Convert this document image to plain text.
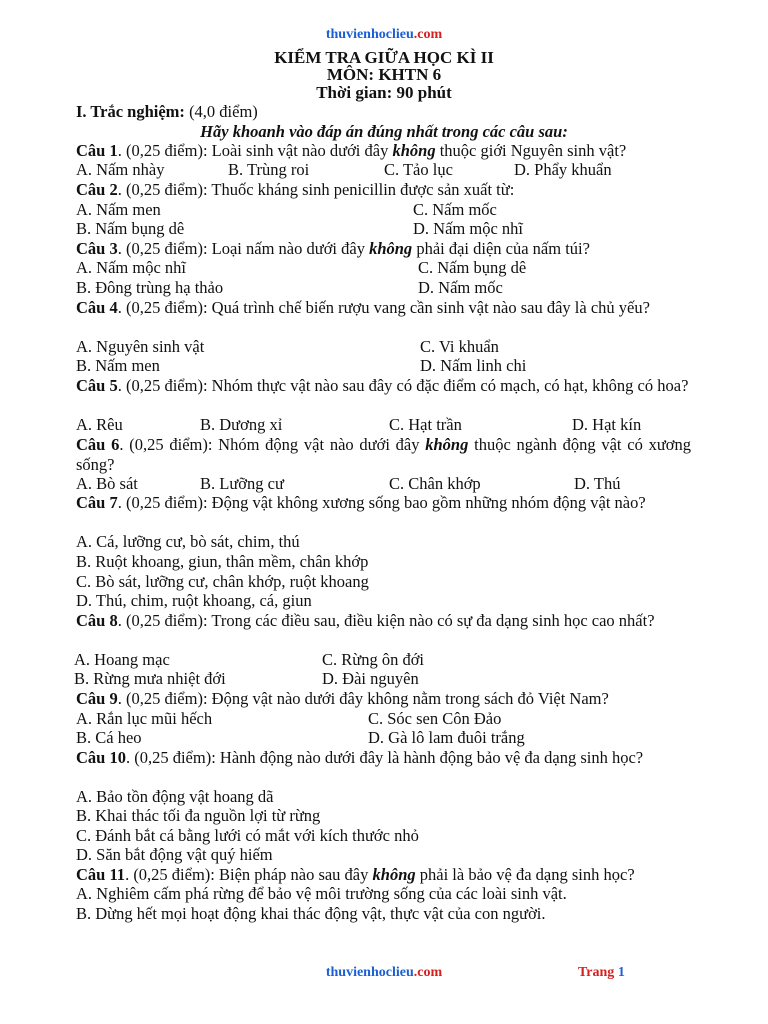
thuvienhoclieu.com
KIỂM TRA GIỮA HỌC KÌ II
MÔN: KHTN 6
Thời gian: 90 phút
I. Trắc nghiệm: (4,0 điểm)
Hãy khoanh vào đáp án đúng nhất trong các câu sau:
Câu 1. (0,25 điểm): Loài sinh vật nào dưới đây không thuộc giới Nguyên sinh vật?
A. Nấm nhày	B. Trùng roi	C. Tảo lục	D. Phẩy khuẩn
Câu 2. (0,25 điểm): Thuốc kháng sinh penicillin được sản xuất từ:
A. Nấm men	C. Nấm mốc
B. Nấm bụng dê	D. Nấm mộc nhĩ
Câu 3. (0,25 điểm): Loại nấm nào dưới đây không phải đại diện của nấm túi?
A. Nấm mộc nhĩ	C. Nấm bụng dê
B. Đông trùng hạ thảo	D. Nấm mốc
Câu 4. (0,25 điểm): Quá trình chế biến rượu vang cần sinh vật nào sau đây là chủ yếu?
A. Nguyên sinh vật	C. Vi khuẩn
B. Nấm men	D. Nấm linh chi
Câu 5. (0,25 điểm): Nhóm thực vật nào sau đây có đặc điểm có mạch, có hạt, không có hoa?
A. Rêu	B. Dương xỉ	C. Hạt trần	D. Hạt kín
Câu 6. (0,25 điểm): Nhóm động vật nào dưới đây không thuộc ngành động vật có xương sống?
A. Bò sát	B. Lưỡng cư	C. Chân khớp	D. Thú
Câu 7. (0,25 điểm): Động vật không xương sống bao gồm những nhóm động vật nào?
A. Cá, lưỡng cư, bò sát, chim, thú
B. Ruột khoang, giun, thân mềm, chân khớp
C. Bò sát, lưỡng cư, chân khớp, ruột khoang
D. Thú, chim, ruột khoang, cá, giun
Câu 8. (0,25 điểm): Trong các điều sau, điều kiện nào có sự đa dạng sinh học cao nhất?
A. Hoang mạc	C. Rừng ôn đới
B. Rừng mưa nhiệt đới	D. Đài nguyên
Câu 9. (0,25 điểm): Động vật nào dưới đây không nằm trong sách đỏ Việt Nam?
A. Rắn lục mũi hếch	C. Sóc sen Côn Đảo
B. Cá heo	D. Gà lô lam đuôi trắng
Câu 10. (0,25 điểm): Hành động nào dưới đây là hành động bảo vệ đa dạng sinh học?
A. Bảo tồn động vật hoang dã
B. Khai thác tối đa nguồn lợi từ rừng
C. Đánh bắt cá bằng lưới có mắt với kích thước nhỏ
D. Săn bắt động vật quý hiếm
Câu 11. (0,25 điểm): Biện pháp nào sau đây không phải là bảo vệ đa dạng sinh học?
A. Nghiêm cấm phá rừng để bảo vệ môi trường sống của các loài sinh vật.
B. Dừng hết mọi hoạt động khai thác động vật, thực vật của con người.
thuvienhoclieu.com	Trang 1
